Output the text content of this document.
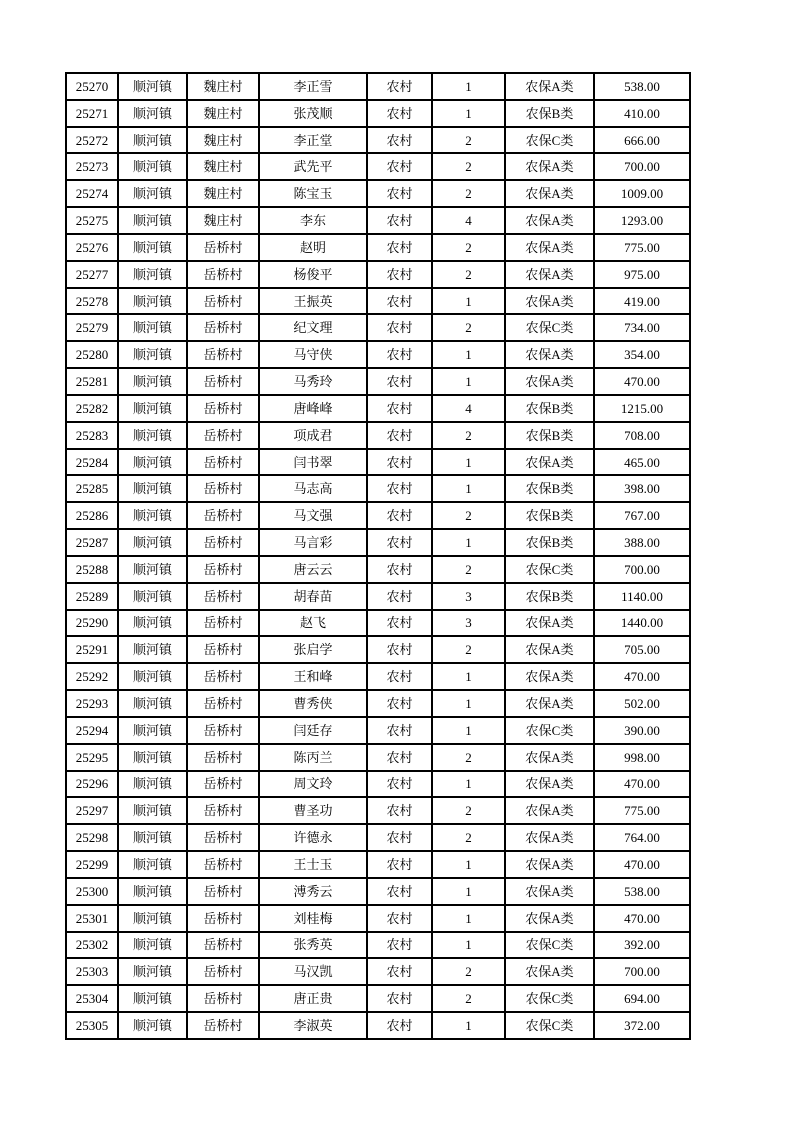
25270	顺河镇	魏庄村	李正雪	农村	1	农保A类	538.00
25271	顺河镇	魏庄村	张茂顺	农村	1	农保B类	410.00
25272	顺河镇	魏庄村	李正堂	农村	2	农保C类	666.00
25273	顺河镇	魏庄村	武先平	农村	2	农保A类	700.00
25274	顺河镇	魏庄村	陈宝玉	农村	2	农保A类	1009.00
25275	顺河镇	魏庄村	李东	农村	4	农保A类	1293.00
25276	顺河镇	岳桥村	赵明	农村	2	农保A类	775.00
25277	顺河镇	岳桥村	杨俊平	农村	2	农保A类	975.00
25278	顺河镇	岳桥村	王振英	农村	1	农保A类	419.00
25279	顺河镇	岳桥村	纪文理	农村	2	农保C类	734.00
25280	顺河镇	岳桥村	马守侠	农村	1	农保A类	354.00
25281	顺河镇	岳桥村	马秀玲	农村	1	农保A类	470.00
25282	顺河镇	岳桥村	唐峰峰	农村	4	农保B类	1215.00
25283	顺河镇	岳桥村	项成君	农村	2	农保B类	708.00
25284	顺河镇	岳桥村	闫书翠	农村	1	农保A类	465.00
25285	顺河镇	岳桥村	马志高	农村	1	农保B类	398.00
25286	顺河镇	岳桥村	马文强	农村	2	农保B类	767.00
25287	顺河镇	岳桥村	马言彩	农村	1	农保B类	388.00
25288	顺河镇	岳桥村	唐云云	农村	2	农保C类	700.00
25289	顺河镇	岳桥村	胡春苗	农村	3	农保B类	1140.00
25290	顺河镇	岳桥村	赵飞	农村	3	农保A类	1440.00
25291	顺河镇	岳桥村	张启学	农村	2	农保A类	705.00
25292	顺河镇	岳桥村	王和峰	农村	1	农保A类	470.00
25293	顺河镇	岳桥村	曹秀侠	农村	1	农保A类	502.00
25294	顺河镇	岳桥村	闫廷存	农村	1	农保C类	390.00
25295	顺河镇	岳桥村	陈丙兰	农村	2	农保A类	998.00
25296	顺河镇	岳桥村	周文玲	农村	1	农保A类	470.00
25297	顺河镇	岳桥村	曹圣功	农村	2	农保A类	775.00
25298	顺河镇	岳桥村	许德永	农村	2	农保A类	764.00
25299	顺河镇	岳桥村	王士玉	农村	1	农保A类	470.00
25300	顺河镇	岳桥村	溥秀云	农村	1	农保A类	538.00
25301	顺河镇	岳桥村	刘桂梅	农村	1	农保A类	470.00
25302	顺河镇	岳桥村	张秀英	农村	1	农保C类	392.00
25303	顺河镇	岳桥村	马汉凯	农村	2	农保A类	700.00
25304	顺河镇	岳桥村	唐正贵	农村	2	农保C类	694.00
25305	顺河镇	岳桥村	李淑英	农村	1	农保C类	372.00
